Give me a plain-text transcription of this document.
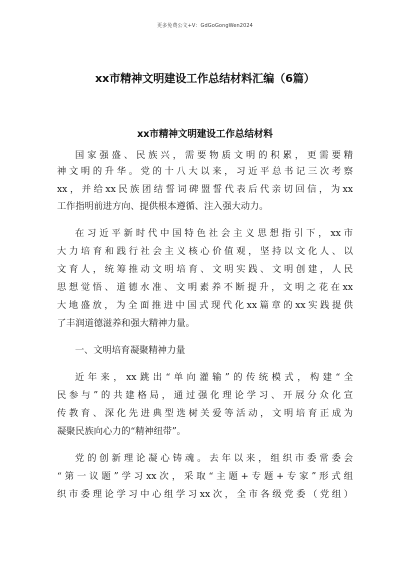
更多免费公文+V：GdGoGongWen2024
xx市精神文明建设工作总结材料汇编（6篇）
xx市精神文明建设工作总结材料
国家强盛、民族兴，需要物质文明的积累，更需要精
神文明的升华。党的十八大以来，习近平总书记三次考察
xx，并给xx民族团结誓词碑盟誓代表后代亲切回信，为xx
工作指明前进方向、提供根本遵循、注入强大动力。
在习近平新时代中国特色社会主义思想指引下，xx市
大力培育和践行社会主义核心价值观，坚持以文化人、以
文育人，统筹推动文明培育、文明实践、文明创建，人民
思想觉悟、道德水准、文明素养不断提升，文明之花在xx
大地盛放，为全面推进中国式现代化xx篇章的xx实践提供
了丰润道德滋养和强大精神力量。
一、文明培育凝聚精神力量
近年来，xx跳出“单向灌输”的传统模式，构建“全
民参与”的共建格局，通过强化理论学习、开展分众化宣
传教育、深化先进典型选树关爱等活动，文明培育正成为
凝聚民族向心力的“精神纽带”。
党的创新理论凝心铸魂。去年以来，组织市委常委会
“第一议题”学习xx次，采取“主题+专题+专家”形式组
织市委理论学习中心组学习xx次，全市各级党委（党组）
